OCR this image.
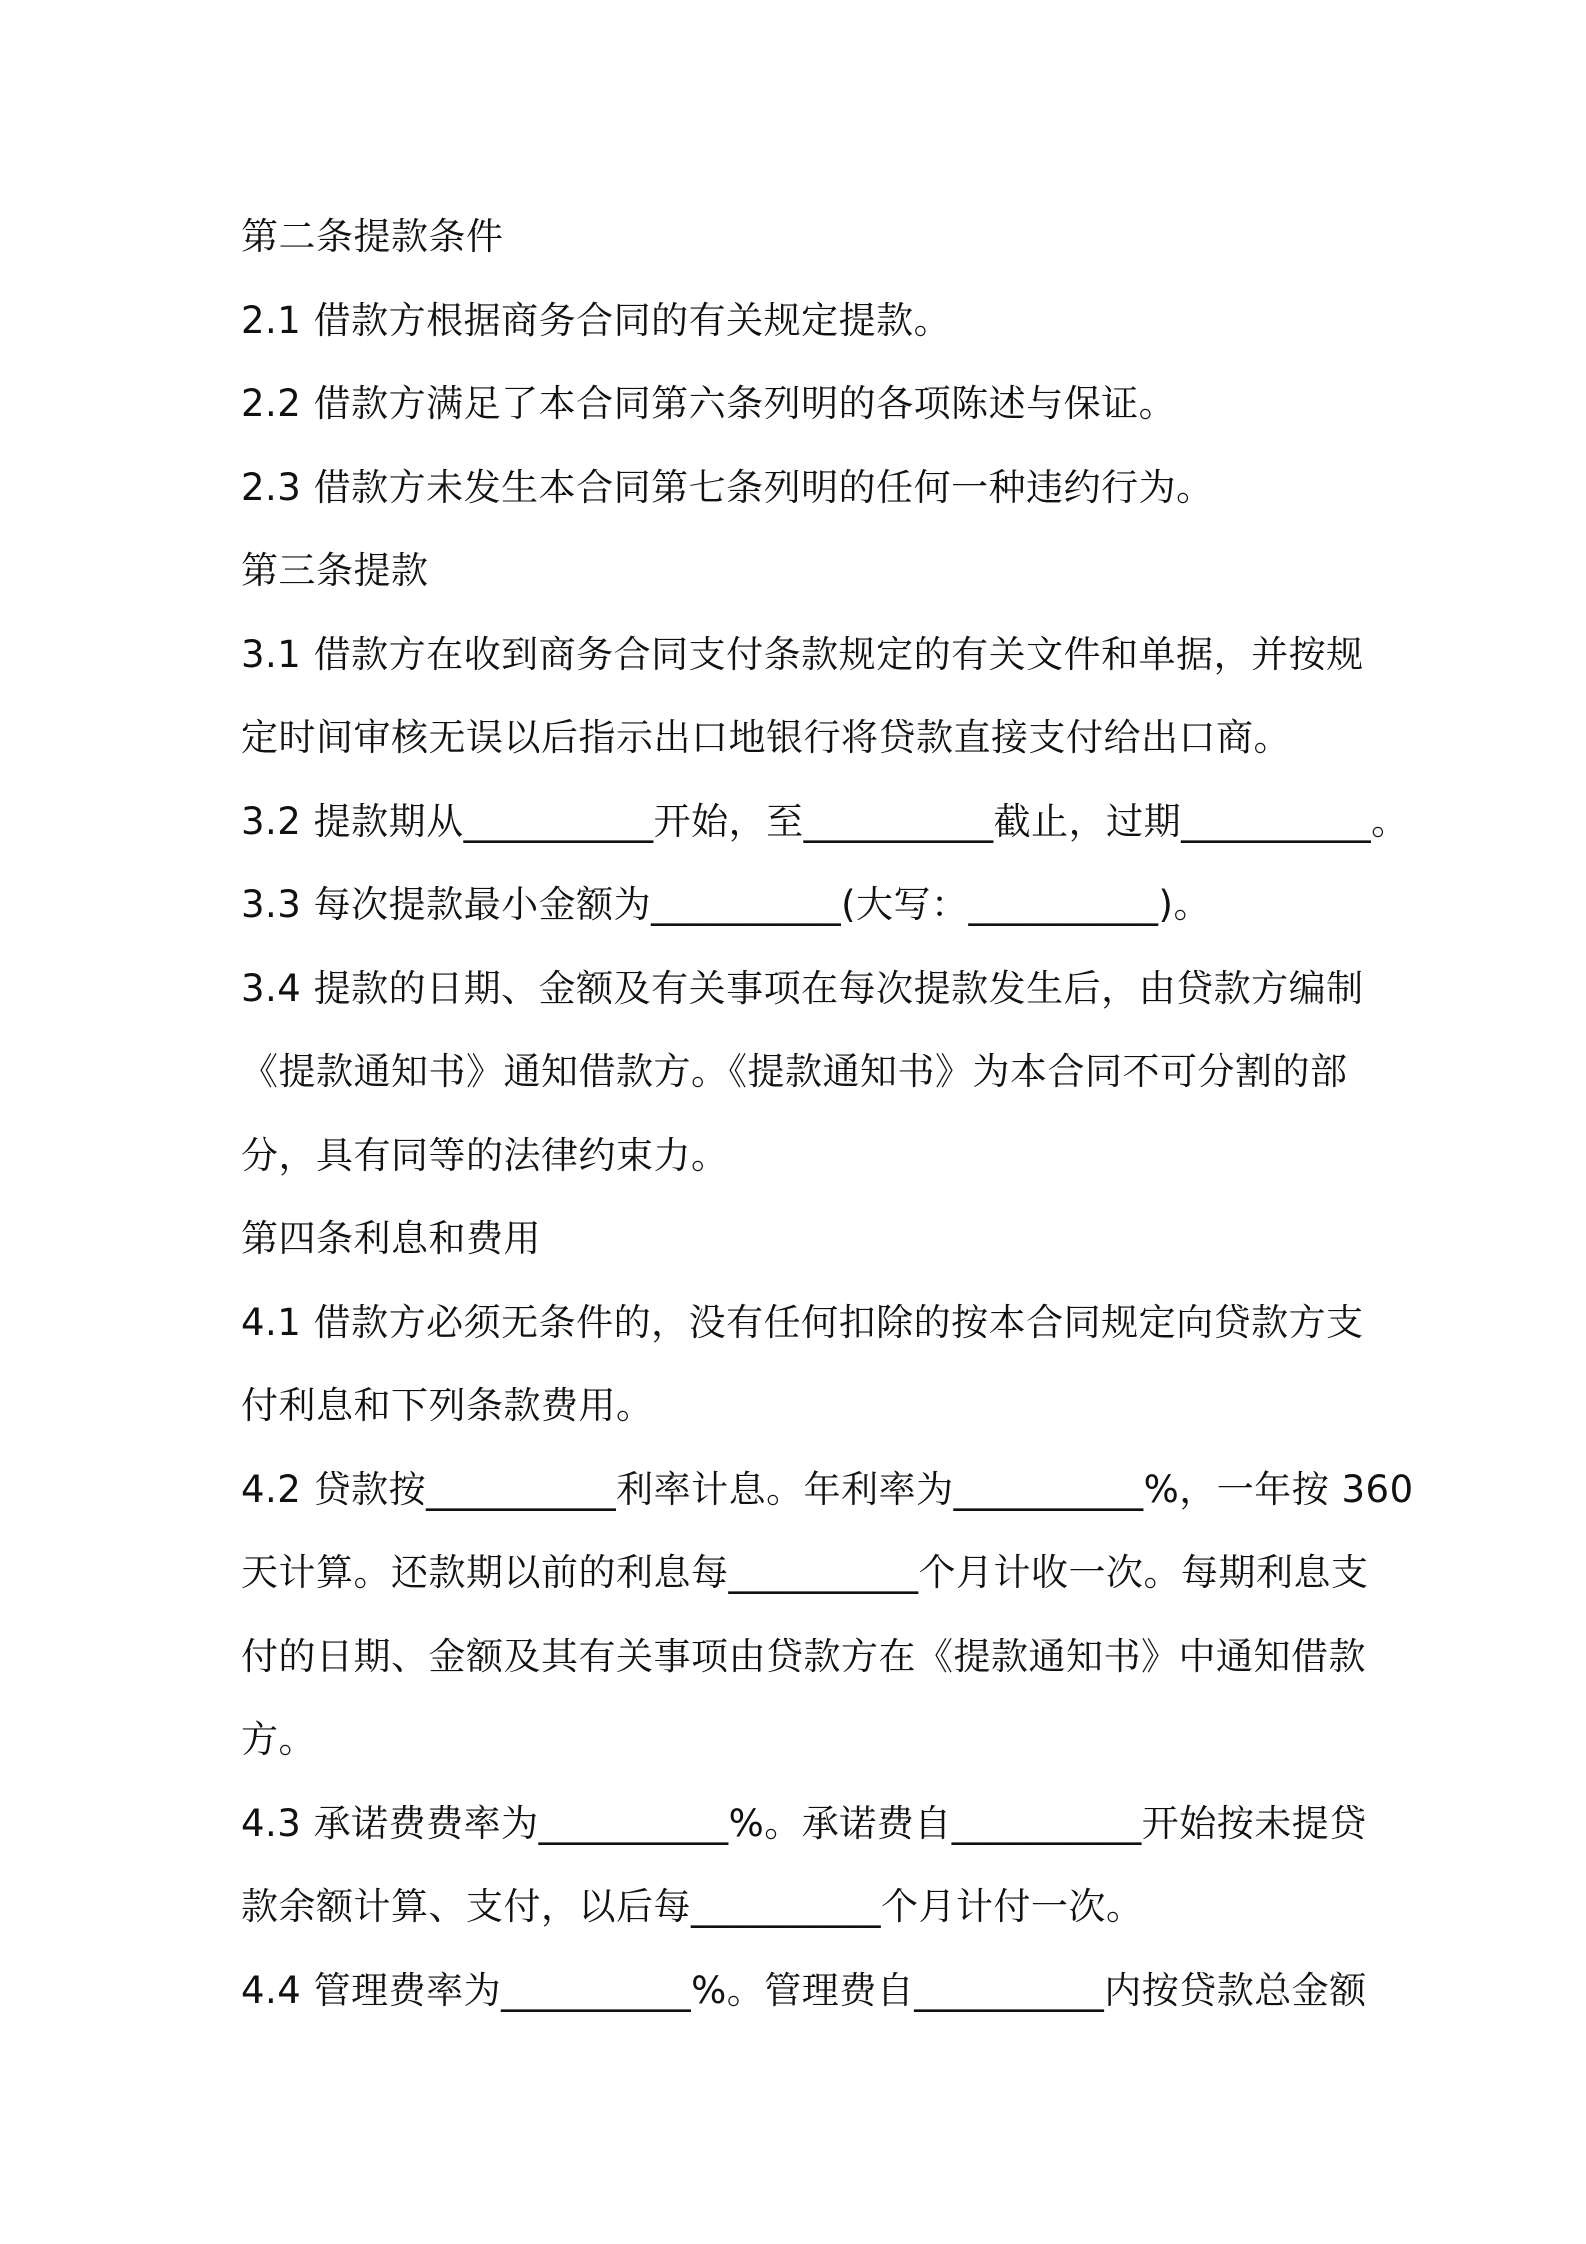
第二条提款条件
2.1 借款方根据商务合同的有关规定提款。
2.2 借款方满足了本合同第六条列明的各项陈述与保证。
2.3 借款方未发生本合同第七条列明的任何一种违约行为。
第三条提款
3.1 借款方在收到商务合同支付条款规定的有关文件和单据，并按规
定时间审核无误以后指示出口地银行将贷款直接支付给出口商。
3.2 提款期从__________开始，至__________截止，过期__________。
3.3 每次提款最小金额为__________(大写：__________)。
3.4 提款的日期、金额及有关事项在每次提款发生后，由贷款方编制
《提款通知书》通知借款方。《提款通知书》为本合同不可分割的部
分，具有同等的法律约束力。
第四条利息和费用
4.1 借款方必须无条件的，没有任何扣除的按本合同规定向贷款方支
付利息和下列条款费用。
4.2 贷款按__________利率计息。年利率为__________%，一年按 360
天计算。还款期以前的利息每__________个月计收一次。每期利息支
付的日期、金额及其有关事项由贷款方在《提款通知书》中通知借款
方。
4.3 承诺费费率为__________%。承诺费自__________开始按未提贷
款余额计算、支付，以后每__________个月计付一次。
4.4 管理费率为__________%。管理费自__________内按贷款总金额
